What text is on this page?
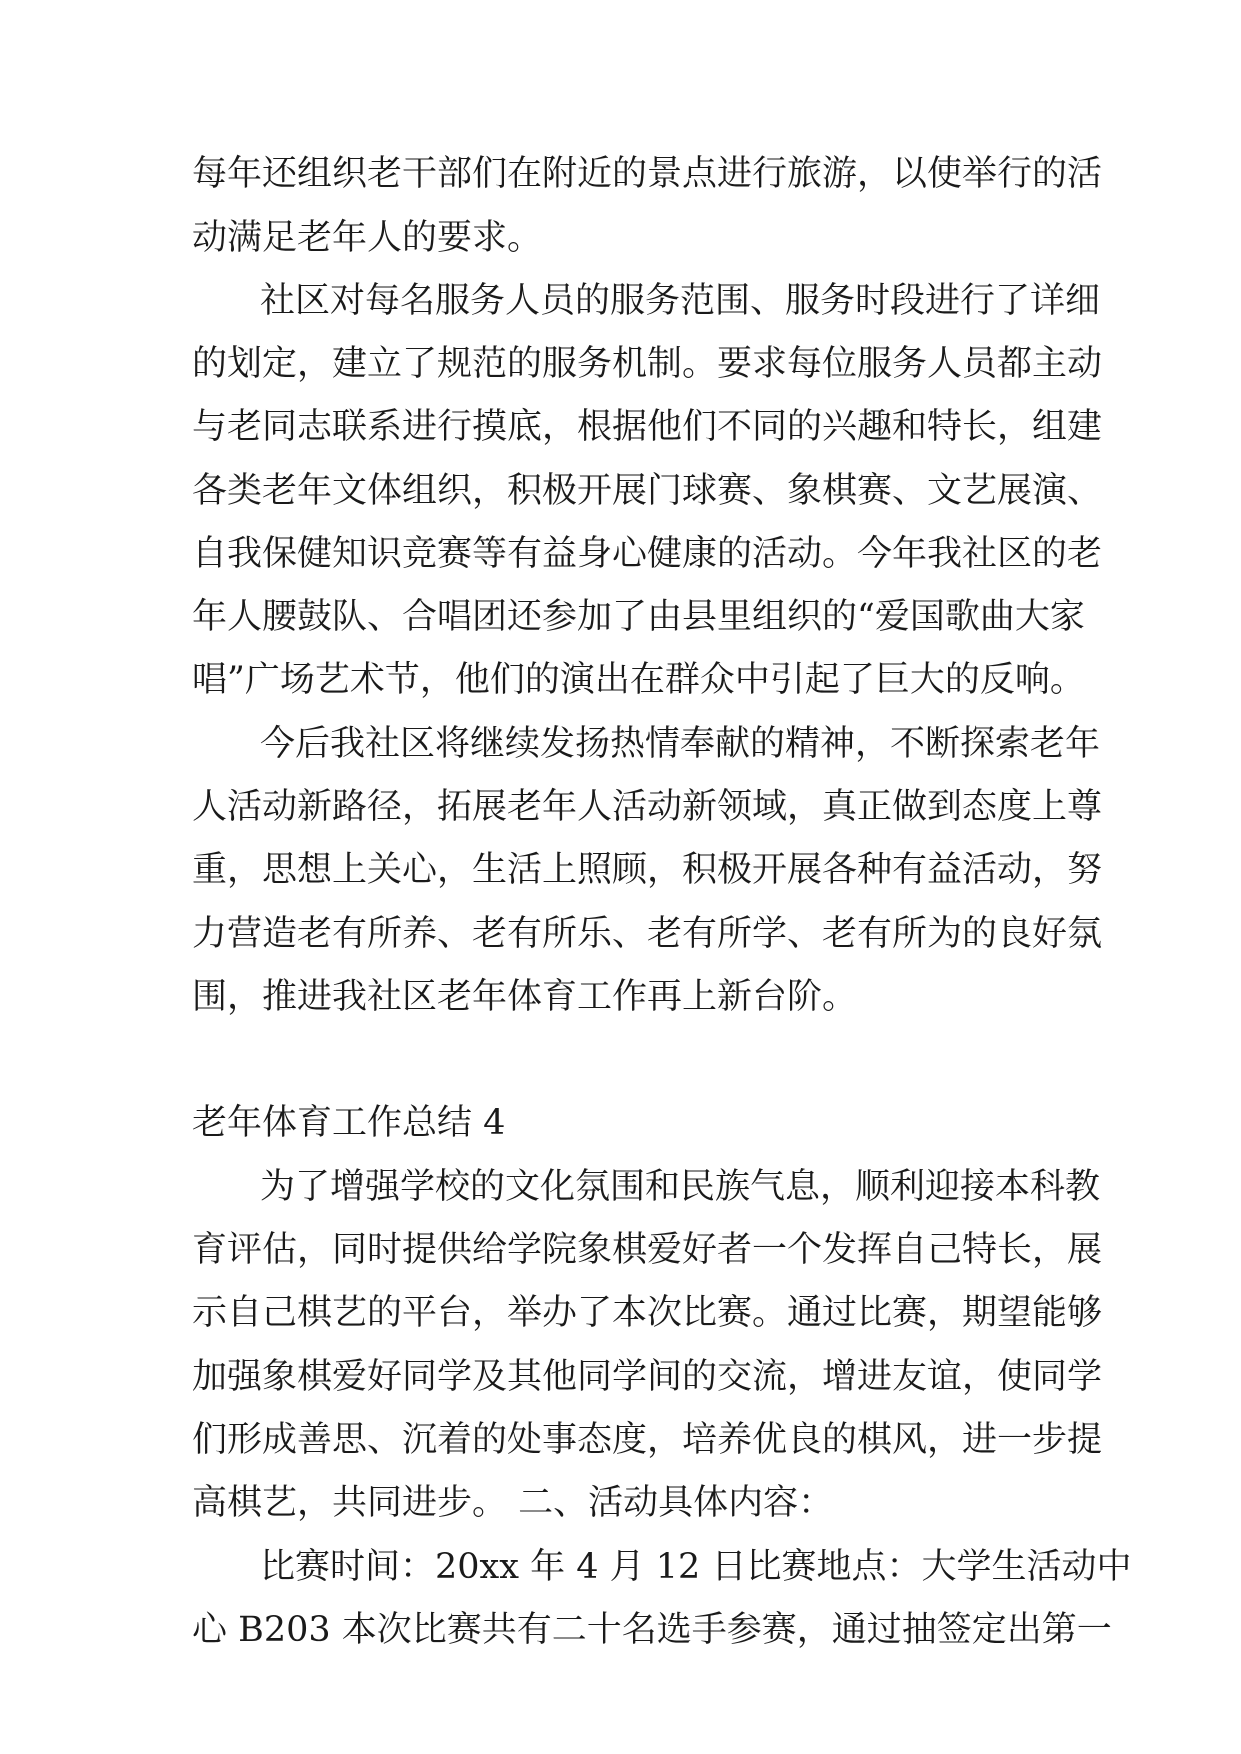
每年还组织老干部们在附近的景点进行旅游，以使举行的活
动满足老年人的要求。
社区对每名服务人员的服务范围、服务时段进行了详细
的划定，建立了规范的服务机制。要求每位服务人员都主动
与老同志联系进行摸底，根据他们不同的兴趣和特长，组建
各类老年文体组织，积极开展门球赛、象棋赛、文艺展演、
自我保健知识竞赛等有益身心健康的活动。今年我社区的老
年人腰鼓队、合唱团还参加了由县里组织的“爱国歌曲大家
唱”广场艺术节，他们的演出在群众中引起了巨大的反响。
今后我社区将继续发扬热情奉献的精神，不断探索老年
人活动新路径，拓展老年人活动新领域，真正做到态度上尊
重，思想上关心，生活上照顾，积极开展各种有益活动，努
力营造老有所养、老有所乐、老有所学、老有所为的良好氛
围，推进我社区老年体育工作再上新台阶。
老年体育工作总结 4
为了增强学校的文化氛围和民族气息，顺利迎接本科教
育评估，同时提供给学院象棋爱好者一个发挥自己特长，展
示自己棋艺的平台，举办了本次比赛。通过比赛，期望能够
加强象棋爱好同学及其他同学间的交流，增进友谊，使同学
们形成善思、沉着的处事态度，培养优良的棋风，进一步提
高棋艺，共同进步。 二、活动具体内容：
比赛时间：20xx 年 4 月 12 日比赛地点：大学生活动中
心 B203 本次比赛共有二十名选手参赛，通过抽签定出第一
